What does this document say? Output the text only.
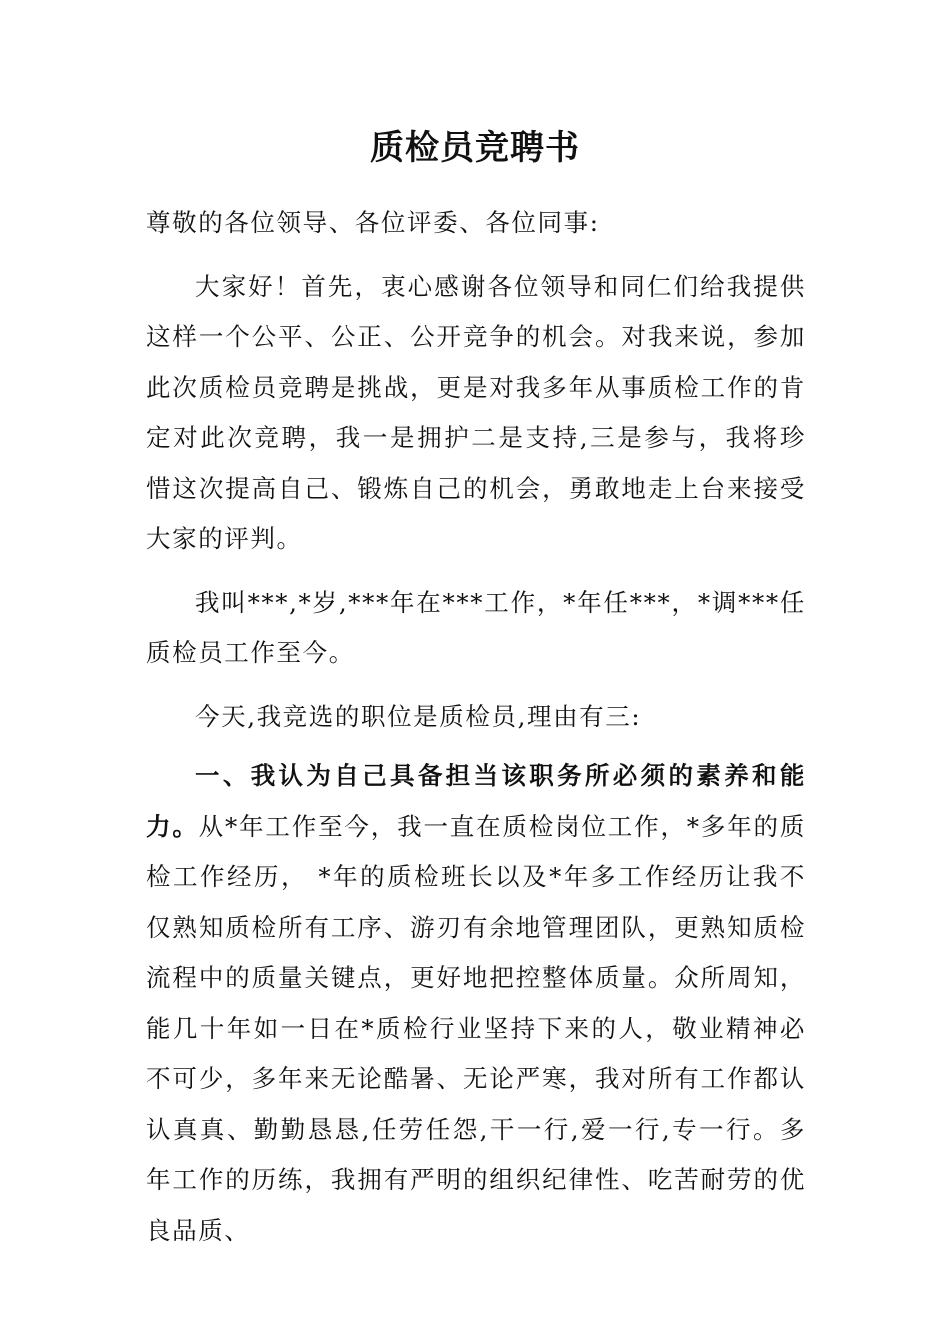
质检员竞聘书

尊敬的各位领导、各位评委、各位同事:

大家好！首先，衷心感谢各位领导和同仁们给我提供这样一个公平、公正、公开竞争的机会。对我来说，参加此次质检员竞聘是挑战，更是对我多年从事质检工作的肯定对此次竞聘，我一是拥护二是支持,三是参与，我将珍惜这次提高自己、锻炼自己的机会，勇敢地走上台来接受大家的评判。

我叫***,*岁,***年在***工作，*年任***，*调***任质检员工作至今。

今天,我竞选的职位是质检员,理由有三:

一、我认为自己具备担当该职务所必须的素养和能力。从*年工作至今，我一直在质检岗位工作，*多年的质检工作经历， *年的质检班长以及*年多工作经历让我不仅熟知质检所有工序、游刃有余地管理团队，更熟知质检流程中的质量关键点，更好地把控整体质量。众所周知，能几十年如一日在*质检行业坚持下来的人，敬业精神必不可少，多年来无论酷暑、无论严寒，我对所有工作都认认真真、勤勤恳恳,任劳任怨,干一行,爱一行,专一行。多年工作的历练，我拥有严明的组织纪律性、吃苦耐劳的优良品质、
